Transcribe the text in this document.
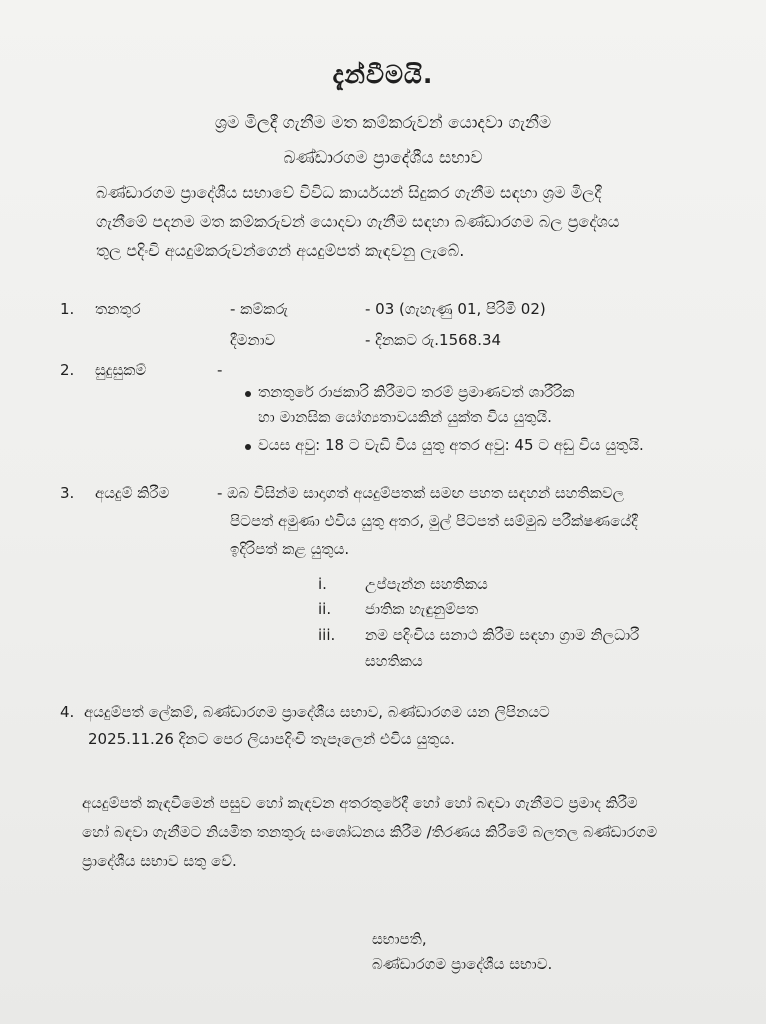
දැන්වීමයි.
ශ්‍රම මිලදී ගැනීම මත කම්කරුවන් යොදවා ගැනීම
බණ්ඩාරගම ප්‍රාදේශීය සභාව
බණ්ඩාරගම ප්‍රාදේශීය සභාවේ විවිධ කාර්යයන් සිදුකර ගැනීම සඳහා ශ්‍රම මිලදී
ගැනීමේ පදනම මත කම්කරුවන් යොදවා ගැනීම සඳහා බණ්ඩාරගම බල ප්‍රදේශය
තුල පදිංචි අයදුම්කරුවන්ගෙන් අයදුම්පත් කැඳවනු ලැබේ.
1. තනතුර	- කම්කරු	- 03 (ගැහැණු 01, පිරිමි 02)
දීමනාව	- දිනකට රු.1568.34
2. සුදුසුකම්	-
තනතුරේ රාජකාරි කිරීමට තරම් ප්‍රමාණවත් ශාරීරික
හා මානසික යෝග්‍යතාවයකින් යුක්ත විය යුතුයි.
වයස අවු: 18 ට වැඩි විය යුතු අතර අවු: 45 ට අඩු විය යුතුයි.
3. අයදුම් කිරීම	- ඔබ විසින්ම සාදාගත් අයදුම්පතක් සමඟ පහත සඳහන් සහතිකවල
පිටපත් අමුණා එවිය යුතු අතර, මුල් පිටපත් සම්මුඛ පරීක්ෂණයේදී
ඉදිරිපත් කළ යුතුය.
i.	උප්පැන්න සහතිකය
ii. ජාතික හැඳුනුම්පත
iii. නම පදිංචිය සනාථ කිරීම සඳහා ග්‍රාම නිලධාරී
සහතිකය
4. අයදුම්පත් ලේකම්, බණ්ඩාරගම ප්‍රාදේශීය සභාව, බණ්ඩාරගම යන ලිපිනයට
2025.11.26 දිනට පෙර ලියාපදිංචි තැපෑලෙන් එවිය යුතුය.
අයදුම්පත් කැඳවීමෙන් පසුව හෝ කැඳවන අතරතුරේදී හෝ හෝ බඳවා ගැනීමට ප්‍රමාද කිරීම
හෝ බඳවා ගැනීමට නියමිත තනතුරු සංශෝධනය කිරීම /තිරණය කිරීමේ බලතල බණ්ඩාරගම
ප්‍රාදේශීය සභාව සතු වේ.
සභාපති,
බණ්ඩාරගම ප්‍රාදේශීය සභාව.
